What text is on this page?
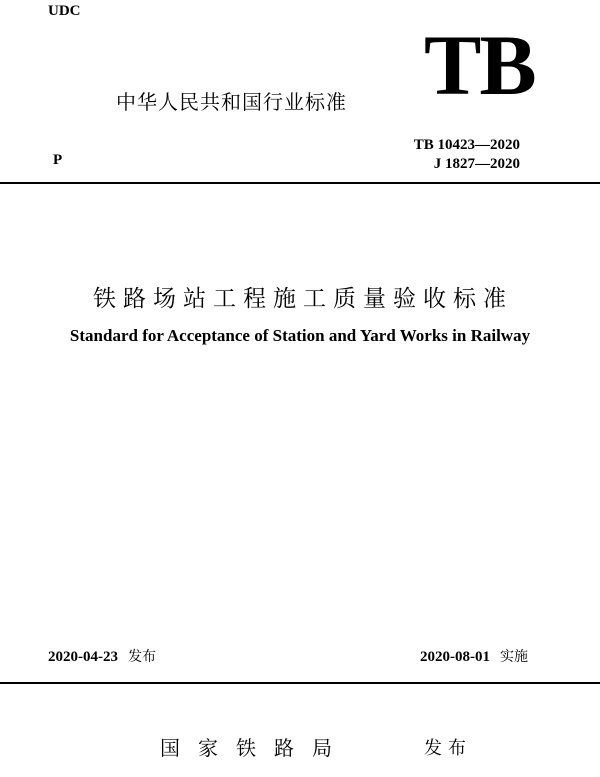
UDC
中华人民共和国行业标准 TB
P
TB 10423—2020
J 1827—2020
铁路场站工程施工质量验收标准
Standard for Acceptance of Station and Yard Works in Railway
2020-04-23 发布	2020-08-01 实施
国家铁路局	发布
